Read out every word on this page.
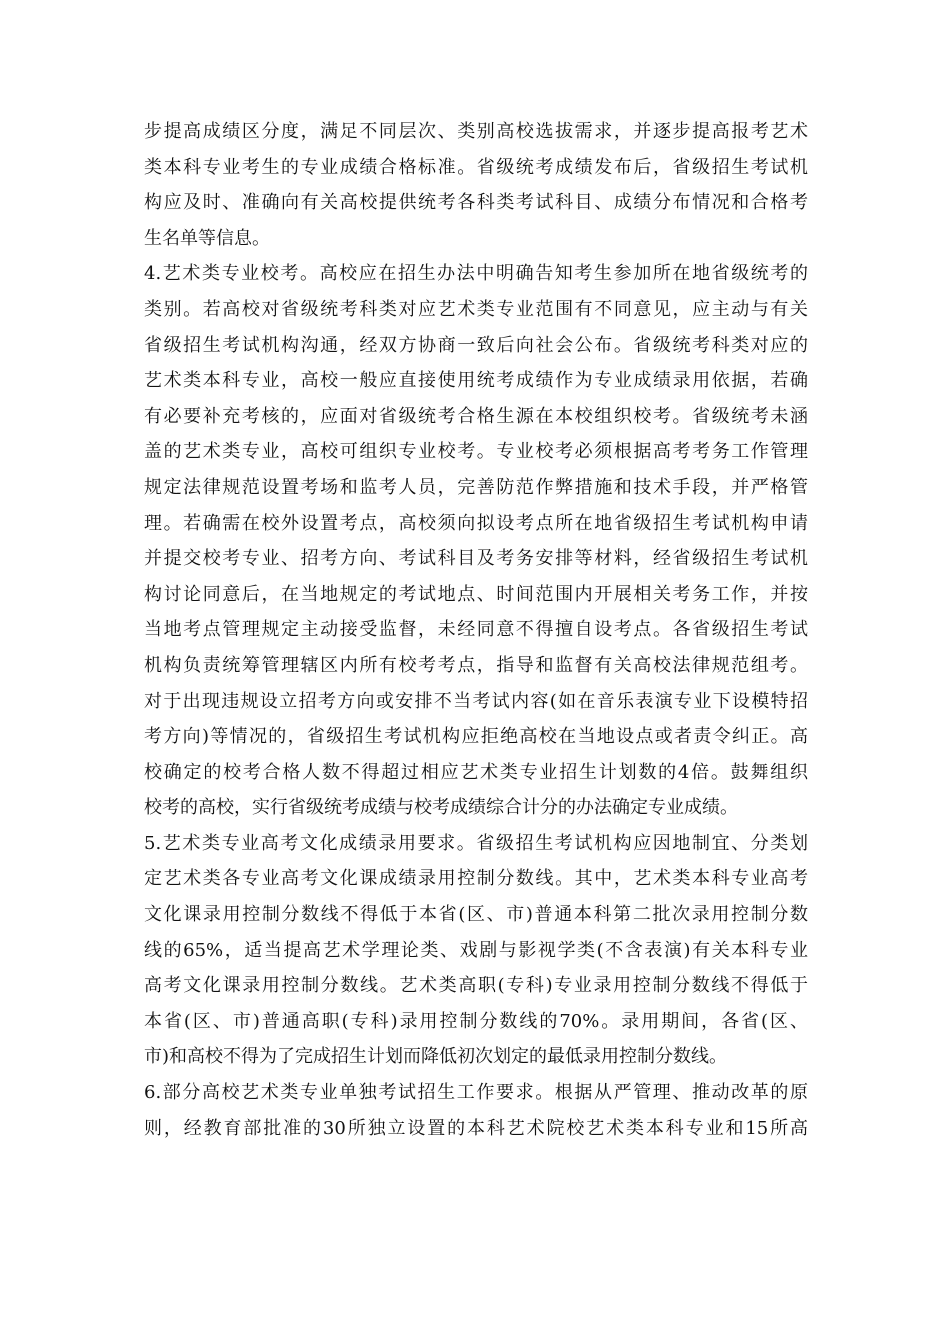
步提高成绩区分度，满足不同层次、类别高校选拔需求，并逐步提高报考艺术
类本科专业考生的专业成绩合格标准。省级统考成绩发布后，省级招生考试机
构应及时、准确向有关高校提供统考各科类考试科目、成绩分布情况和合格考
生名单等信息。
4.艺术类专业校考。高校应在招生办法中明确告知考生参加所在地省级统考的
类别。若高校对省级统考科类对应艺术类专业范围有不同意见，应主动与有关
省级招生考试机构沟通，经双方协商一致后向社会公布。省级统考科类对应的
艺术类本科专业，高校一般应直接使用统考成绩作为专业成绩录用依据，若确
有必要补充考核的，应面对省级统考合格生源在本校组织校考。省级统考未涵
盖的艺术类专业，高校可组织专业校考。专业校考必须根据高考考务工作管理
规定法律规范设置考场和监考人员，完善防范作弊措施和技术手段，并严格管
理。若确需在校外设置考点，高校须向拟设考点所在地省级招生考试机构申请
并提交校考专业、招考方向、考试科目及考务安排等材料，经省级招生考试机
构讨论同意后，在当地规定的考试地点、时间范围内开展相关考务工作，并按
当地考点管理规定主动接受监督，未经同意不得擅自设考点。各省级招生考试
机构负责统筹管理辖区内所有校考考点，指导和监督有关高校法律规范组考。
对于出现违规设立招考方向或安排不当考试内容(如在音乐表演专业下设模特招
考方向)等情况的，省级招生考试机构应拒绝高校在当地设点或者责令纠正。高
校确定的校考合格人数不得超过相应艺术类专业招生计划数的4倍。鼓舞组织
校考的高校，实行省级统考成绩与校考成绩综合计分的办法确定专业成绩。
5.艺术类专业高考文化成绩录用要求。省级招生考试机构应因地制宜、分类划
定艺术类各专业高考文化课成绩录用控制分数线。其中，艺术类本科专业高考
文化课录用控制分数线不得低于本省(区、市)普通本科第二批次录用控制分数
线的65%，适当提高艺术学理论类、戏剧与影视学类(不含表演)有关本科专业
高考文化课录用控制分数线。艺术类高职(专科)专业录用控制分数线不得低于
本省(区、市)普通高职(专科)录用控制分数线的70%。录用期间，各省(区、
市)和高校不得为了完成招生计划而降低初次划定的最低录用控制分数线。
6.部分高校艺术类专业单独考试招生工作要求。根据从严管理、推动改革的原
则，经教育部批准的30所独立设置的本科艺术院校艺术类本科专业和15所高
